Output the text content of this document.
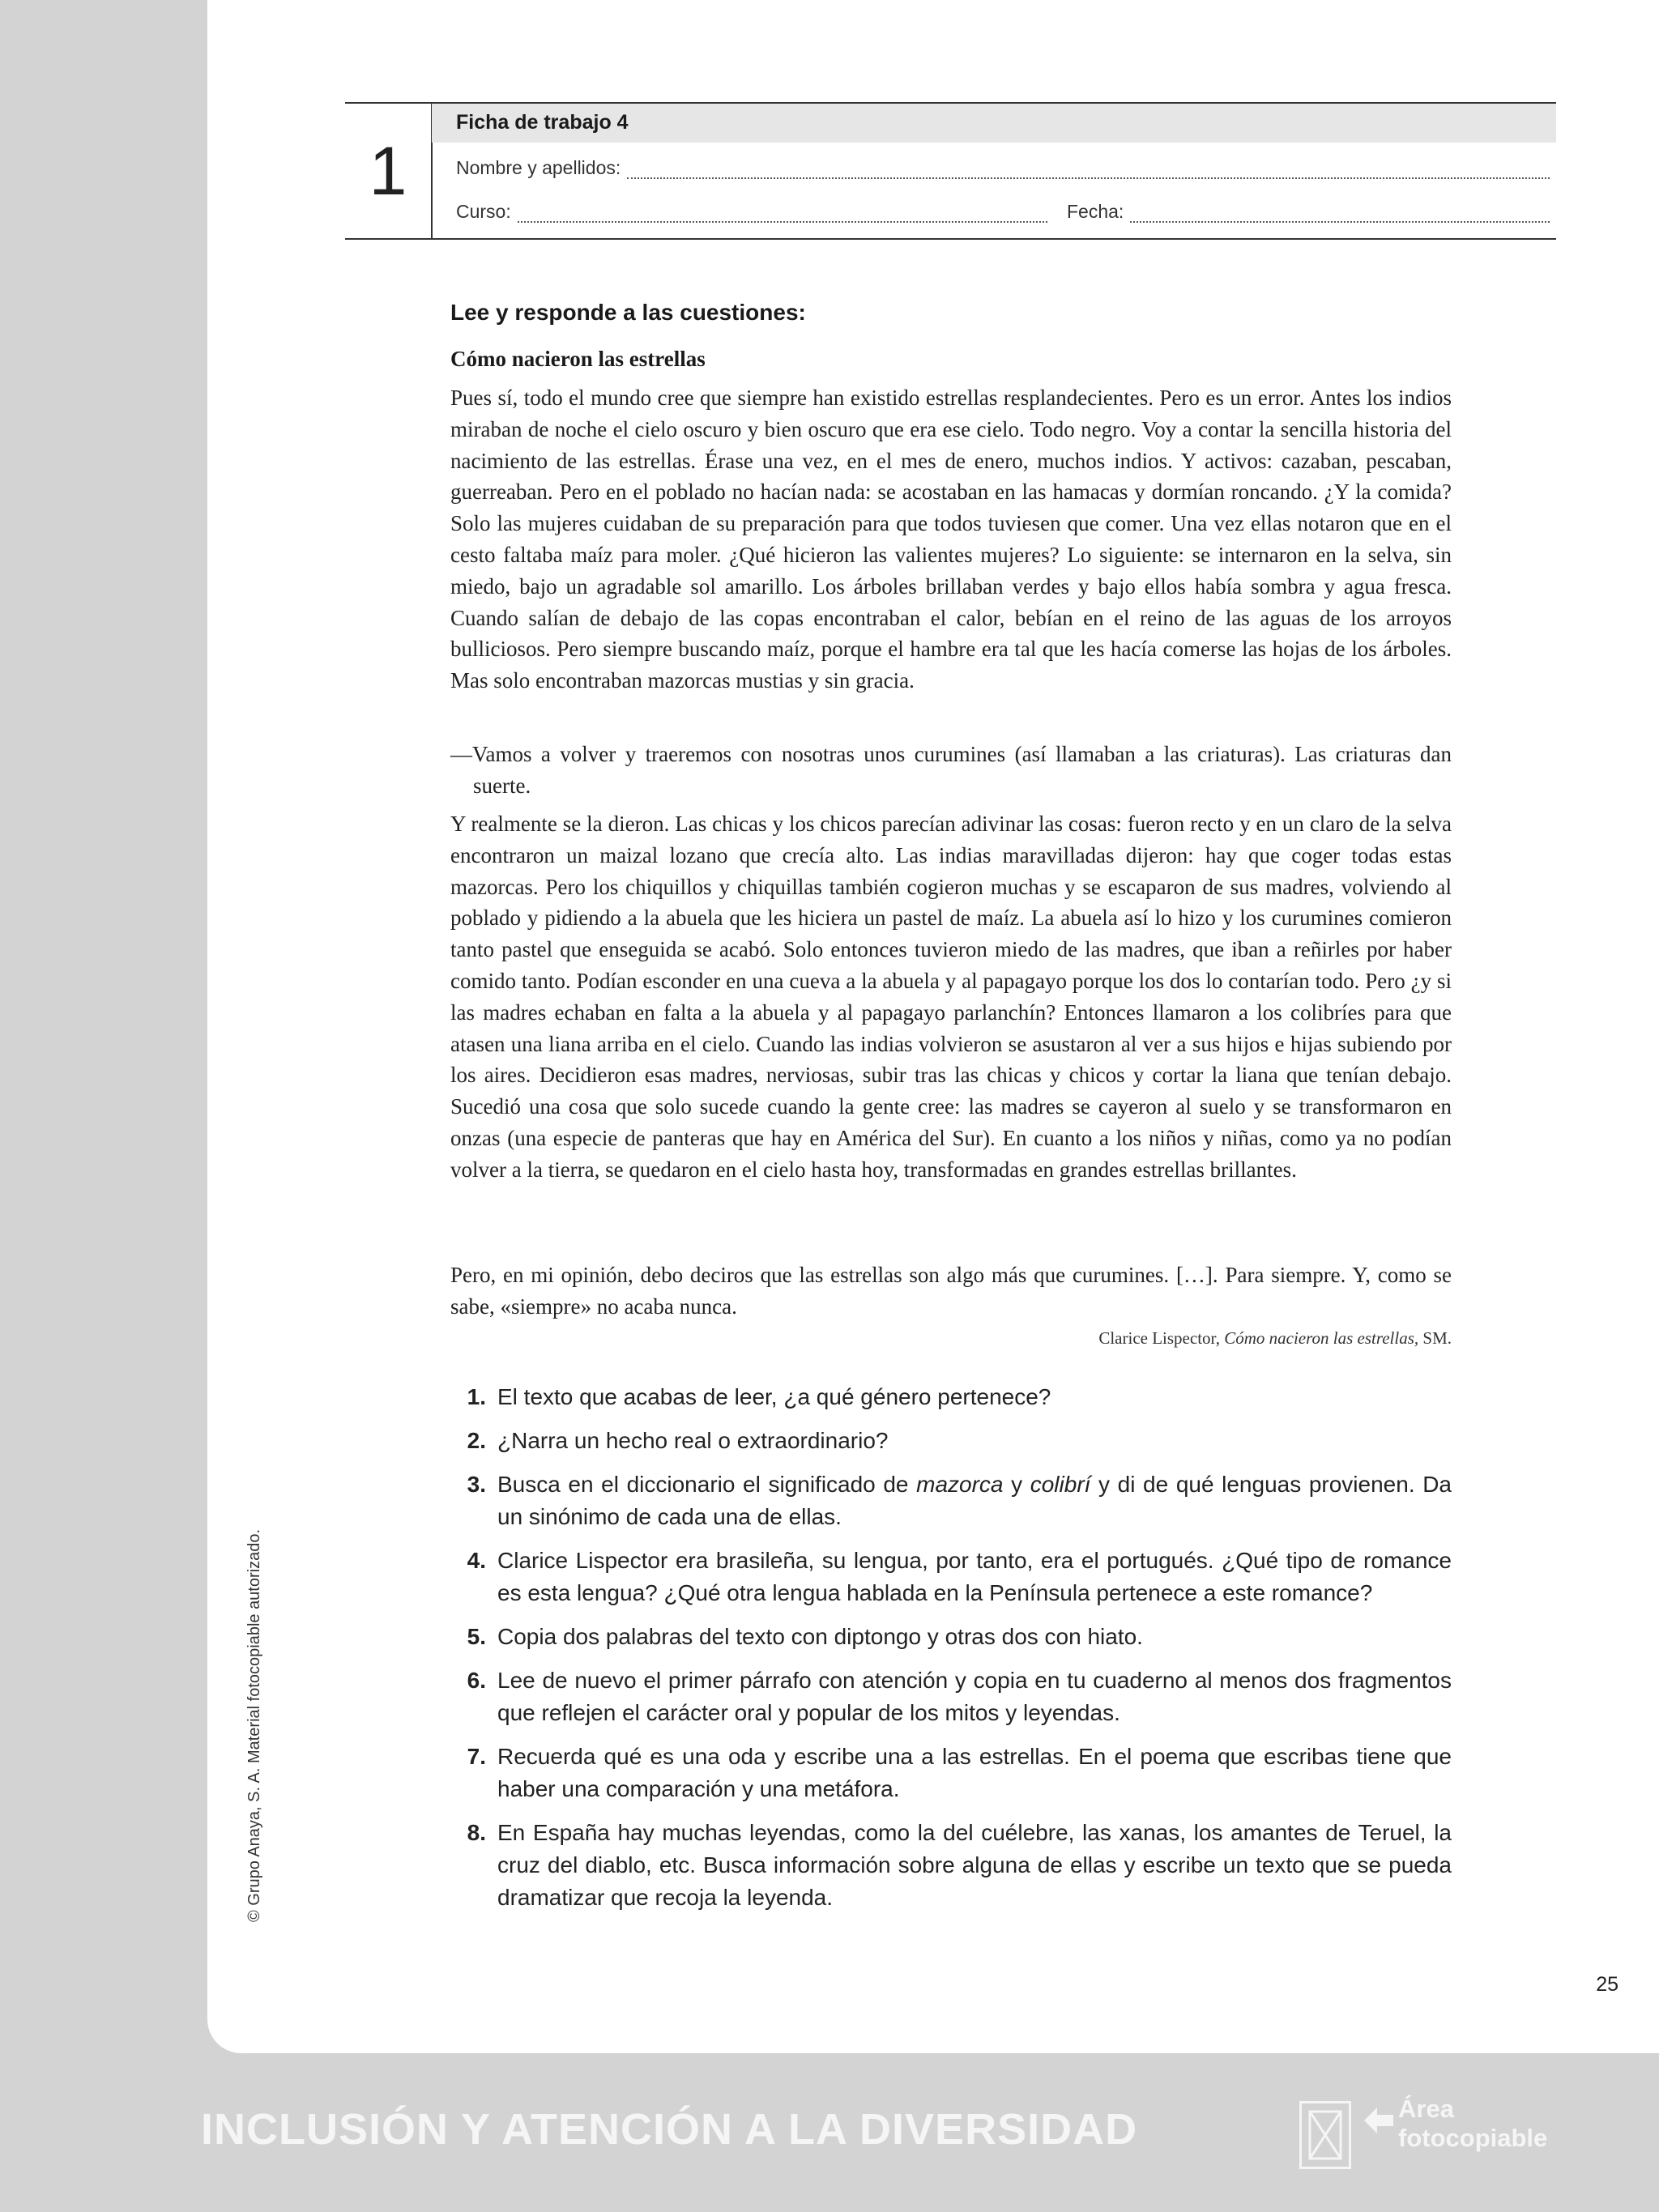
1
Ficha de trabajo 4
Nombre y apellidos:
Curso:	Fecha:
© Grupo Anaya, S. A. Material fotocopiable autorizado.
Lee y responde a las cuestiones:
Cómo nacieron las estrellas
Pues sí, todo el mundo cree que siempre han existido estrellas resplandecientes. Pero es un error. Antes los indios miraban de noche el cielo oscuro y bien oscuro que era ese cielo. Todo negro. Voy a contar la sencilla historia del nacimiento de las estrellas. Érase una vez, en el mes de enero, muchos indios. Y activos: cazaban, pescaban, guerreaban. Pero en el poblado no hacían nada: se acostaban en las hamacas y dormían roncando. ¿Y la comida? Solo las mujeres cuidaban de su preparación para que todos tuviesen que comer. Una vez ellas notaron que en el cesto faltaba maíz para moler. ¿Qué hicieron las valientes mujeres? Lo siguiente: se internaron en la selva, sin miedo, bajo un agradable sol amarillo. Los árboles brillaban verdes y bajo ellos había sombra y agua fresca. Cuando salían de debajo de las copas encontraban el calor, bebían en el reino de las aguas de los arroyos bulliciosos. Pero siempre buscando maíz, porque el hambre era tal que les hacía comerse las hojas de los árboles. Mas solo encontraban mazorcas mustias y sin gracia.
—Vamos a volver y traeremos con nosotras unos curumines (así llamaban a las criaturas). Las criaturas dan suerte.
Y realmente se la dieron. Las chicas y los chicos parecían adivinar las cosas: fueron recto y en un claro de la selva encontraron un maizal lozano que crecía alto. Las indias maravilladas dijeron: hay que coger todas estas mazorcas. Pero los chiquillos y chiquillas también cogieron muchas y se escaparon de sus madres, volviendo al poblado y pidiendo a la abuela que les hiciera un pastel de maíz. La abuela así lo hizo y los curumines comieron tanto pastel que enseguida se acabó. Solo entonces tuvieron miedo de las madres, que iban a reñirles por haber comido tanto. Podían esconder en una cueva a la abuela y al papagayo porque los dos lo contarían todo. Pero ¿y si las madres echaban en falta a la abuela y al papagayo parlanchín? Entonces llamaron a los colibríes para que atasen una liana arriba en el cielo. Cuando las indias volvieron se asustaron al ver a sus hijos e hijas subiendo por los aires. Decidieron esas madres, nerviosas, subir tras las chicas y chicos y cortar la liana que tenían debajo. Sucedió una cosa que solo sucede cuando la gente cree: las madres se cayeron al suelo y se transformaron en onzas (una especie de panteras que hay en América del Sur). En cuanto a los niños y niñas, como ya no podían volver a la tierra, se quedaron en el cielo hasta hoy, transformadas en grandes estrellas brillantes.
Pero, en mi opinión, debo deciros que las estrellas son algo más que curumines. […]. Para siempre. Y, como se sabe, «siempre» no acaba nunca.
Clarice Lispector, Cómo nacieron las estrellas, SM.
1. El texto que acabas de leer, ¿a qué género pertenece?
2. ¿Narra un hecho real o extraordinario?
3. Busca en el diccionario el significado de mazorca y colibrí y di de qué lenguas provienen. Da un sinónimo de cada una de ellas.
4. Clarice Lispector era brasileña, su lengua, por tanto, era el portugués. ¿Qué tipo de romance es esta lengua? ¿Qué otra lengua hablada en la Península pertenece a este romance?
5. Copia dos palabras del texto con diptongo y otras dos con hiato.
6. Lee de nuevo el primer párrafo con atención y copia en tu cuaderno al menos dos fragmentos que reflejen el carácter oral y popular de los mitos y leyendas.
7. Recuerda qué es una oda y escribe una a las estrellas. En el poema que escribas tiene que haber una comparación y una metáfora.
8. En España hay muchas leyendas, como la del cuélebre, las xanas, los amantes de Teruel, la cruz del diablo, etc. Busca información sobre alguna de ellas y escribe un texto que se pueda dramatizar que recoja la leyenda.
25
INCLUSIÓN Y ATENCIÓN A LA DIVERSIDAD	Área
fotocopiable
